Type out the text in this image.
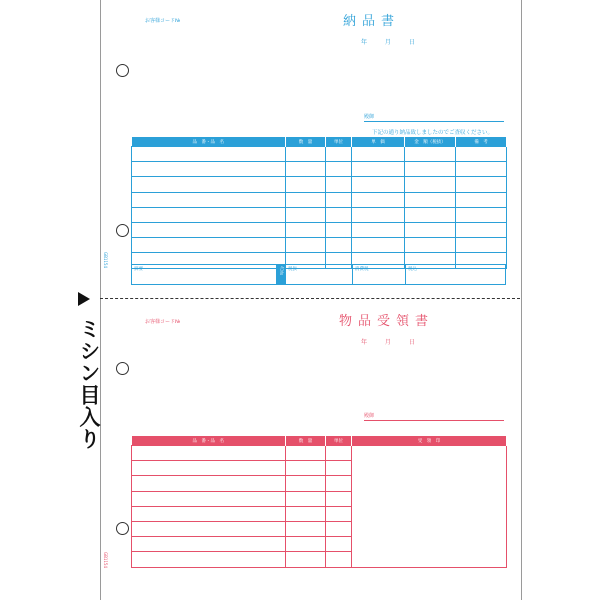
ミシン目入り
お客様コード№	納品書
年	月	日
殿御
下記の通り納品致しましたのでご査収ください。
品　番・品　名	数　量	単位	単　価	金　額（税抜）	備　考

摘要	合計 税抜	消費税	税込
GB1154
お客様コード№	物品受領書
年	月	日
殿御
品　番・品　名	数　量	単位	受　領　印

GB1154
